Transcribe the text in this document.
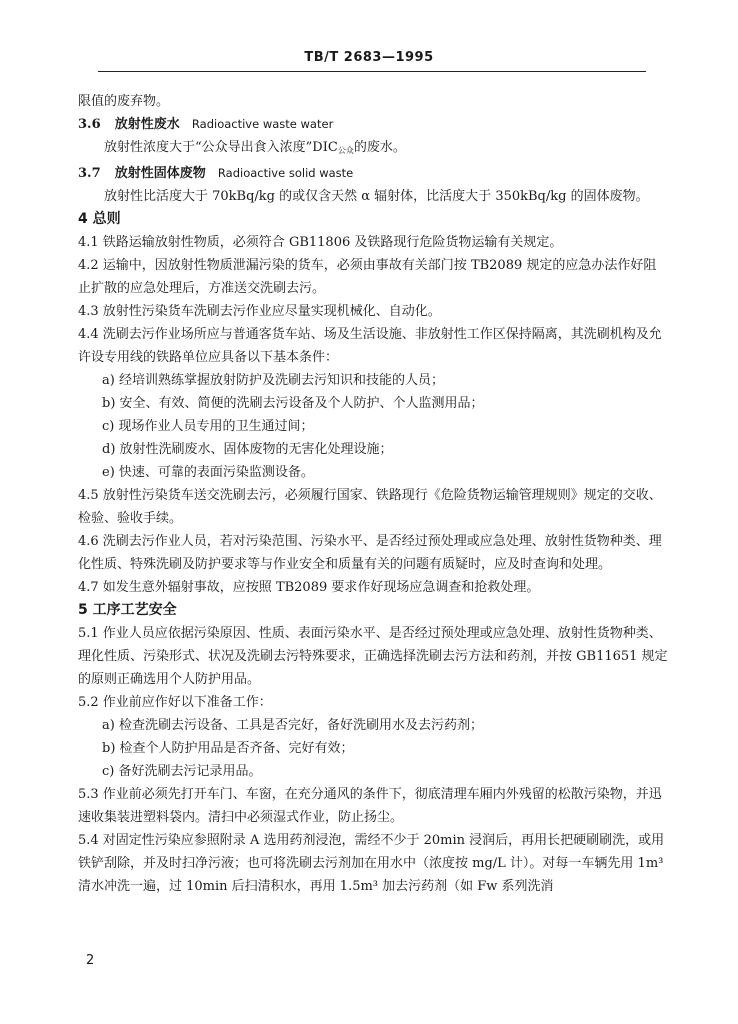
TB/T 2683—1995

限值的废弃物。

3.6 放射性废水 Radioactive waste water

放射性浓度大于“公众导出食入浓度$”DIC_{公众}$的废水。

3.7 放射性固体废物 Radioactive solid waste

放射性比活度大于 70kBq/kg 的或仅含天然 α 辐射体，比活度大于 350kBq/kg 的固体废物。

4 总则

4.1 铁路运输放射性物质，必须符合 GB11806 及铁路现行危险货物运输有关规定。

4.2 运输中，因放射性物质泄漏污染的货车，必须由事故有关部门按 TB2089 规定的应急办法作好阻止扩散的应急处理后，方准送交洗刷去污。

4.3 放射性污染货车洗刷去污作业应尽量实现机械化、自动化。

4.4 洗刷去污作业场所应与普通客货车站、场及生活设施、非放射性工作区保持隔离，其洗刷机构及允许设专用线的铁路单位应具备以下基本条件：

a) 经培训熟练掌握放射防护及洗刷去污知识和技能的人员；

b) 安全、有效、简便的洗刷去污设备及个人防护、个人监测用品；

c) 现场作业人员专用的卫生通过间；

d) 放射性洗刷废水、固体废物的无害化处理设施；

e) 快速、可靠的表面污染监测设备。

4.5 放射性污染货车送交洗刷去污，必须履行国家、铁路现行《危险货物运输管理规则》规定的交收、检验、验收手续。

4.6 洗刷去污作业人员，若对污染范围、污染水平、是否经过预处理或应急处理、放射性货物种类、理化性质、特殊洗刷及防护要求等与作业安全和质量有关的问题有质疑时，应及时查询和处理。

4.7 如发生意外辐射事故，应按照 TB2089 要求作好现场应急调查和抢救处理。

5 工序工艺安全

5.1 作业人员应依据污染原因、性质、表面污染水平、是否经过预处理或应急处理、放射性货物种类、理化性质、污染形式、状况及洗刷去污特殊要求，正确选择洗刷去污方法和药剂，并按 GB11651 规定的原则正确选用个人防护用品。

5.2 作业前应作好以下准备工作：

a) 检查洗刷去污设备、工具是否完好，备好洗刷用水及去污药剂；

b) 检查个人防护用品是否齐备、完好有效；

c) 备好洗刷去污记录用品。

5.3 作业前必须先打开车门、车窗，在充分通风的条件下，彻底清理车厢内外残留的松散污染物，并迅速收集装进塑料袋内。清扫中必须湿式作业，防止扬尘。

5.4 对固定性污染应参照附录 A 选用药剂浸泡，需经不少于 20min 浸润后，再用长把硬刷刷洗，或用铁铲刮除，并及时扫净污液；也可将洗刷去污剂加在用水中（浓度按 mg/L 计）。对每一车辆先用 1m³ 清水冲洗一遍，过 10min 后扫清积水，再用 1.5m³ 加去污药剂（如 Fw 系列洗消

2
